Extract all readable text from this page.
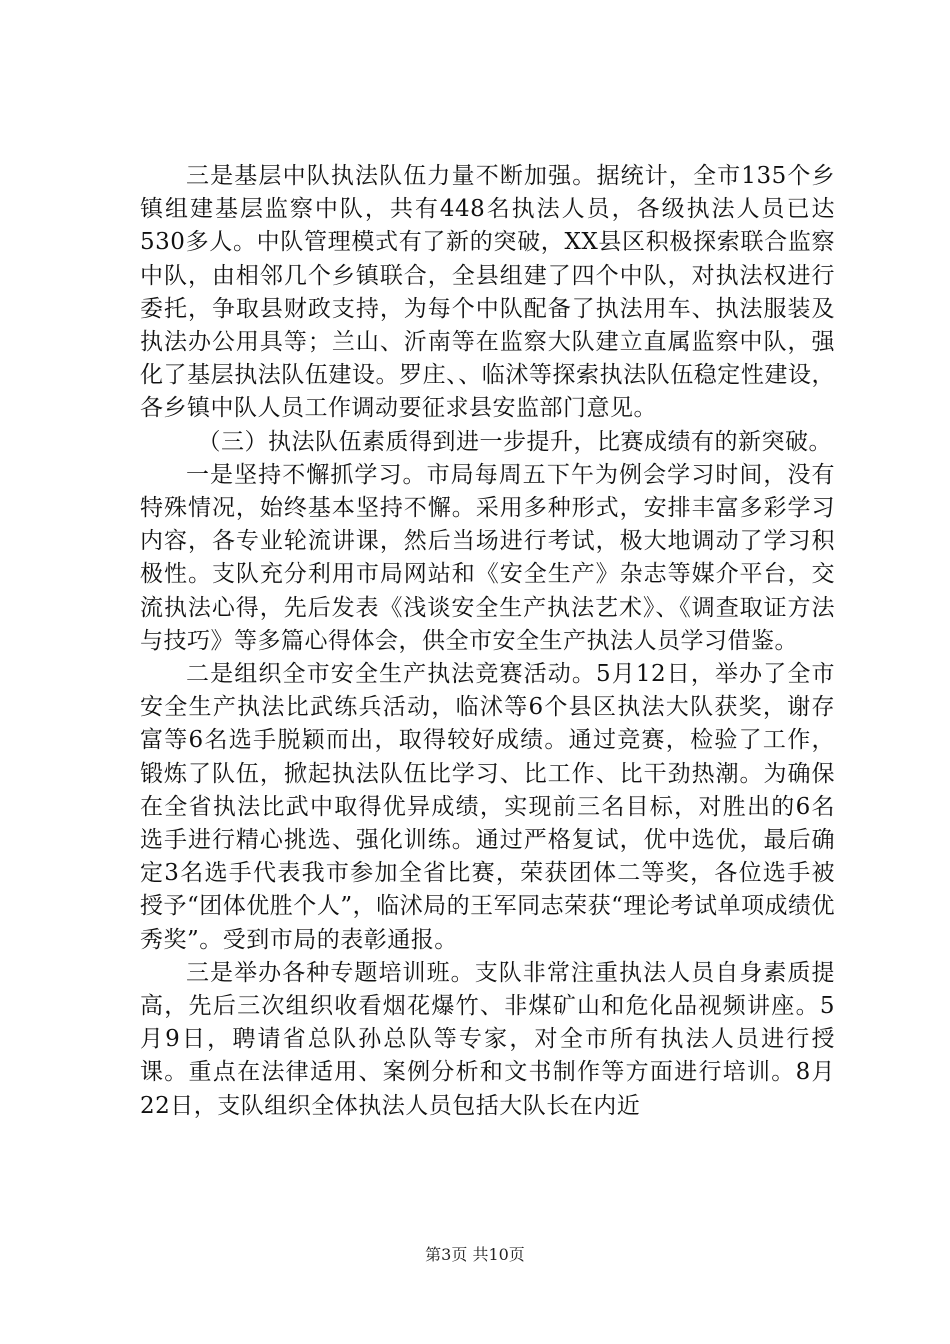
三是基层中队执法队伍力量不断加强。据统计，全市135个乡镇组建基层监察中队，共有448名执法人员，各级执法人员已达530多人。中队管理模式有了新的突破，XX县区积极探索联合监察中队，由相邻几个乡镇联合，全县组建了四个中队，对执法权进行委托，争取县财政支持，为每个中队配备了执法用车、执法服装及执法办公用具等；兰山、沂南等在监察大队建立直属监察中队，强化了基层执法队伍建设。罗庄、、临沭等探索执法队伍稳定性建设，各乡镇中队人员工作调动要征求县安监部门意见。

（三）执法队伍素质得到进一步提升，比赛成绩有的新突破。

一是坚持不懈抓学习。市局每周五下午为例会学习时间，没有特殊情况，始终基本坚持不懈。采用多种形式，安排丰富多彩学习内容，各专业轮流讲课，然后当场进行考试，极大地调动了学习积极性。支队充分利用市局网站和《安全生产》杂志等媒介平台，交流执法心得，先后发表《浅谈安全生产执法艺术》、《调查取证方法与技巧》等多篇心得体会，供全市安全生产执法人员学习借鉴。

二是组织全市安全生产执法竞赛活动。5月12日，举办了全市安全生产执法比武练兵活动，临沭等6个县区执法大队获奖，谢存富等6名选手脱颖而出，取得较好成绩。通过竞赛，检验了工作，锻炼了队伍，掀起执法队伍比学习、比工作、比干劲热潮。为确保在全省执法比武中取得优异成绩，实现前三名目标，对胜出的6名选手进行精心挑选、强化训练。通过严格复试，优中选优，最后确定3名选手代表我市参加全省比赛，荣获团体二等奖，各位选手被授予“团体优胜个人”，临沭局的王军同志荣获“理论考试单项成绩优秀奖”。受到市局的表彰通报。

三是举办各种专题培训班。支队非常注重执法人员自身素质提高，先后三次组织收看烟花爆竹、非煤矿山和危化品视频讲座。5月9日，聘请省总队孙总队等专家，对全市所有执法人员进行授课。重点在法律适用、案例分析和文书制作等方面进行培训。8月22日，支队组织全体执法人员包括大队长在内近

第3页 共10页
